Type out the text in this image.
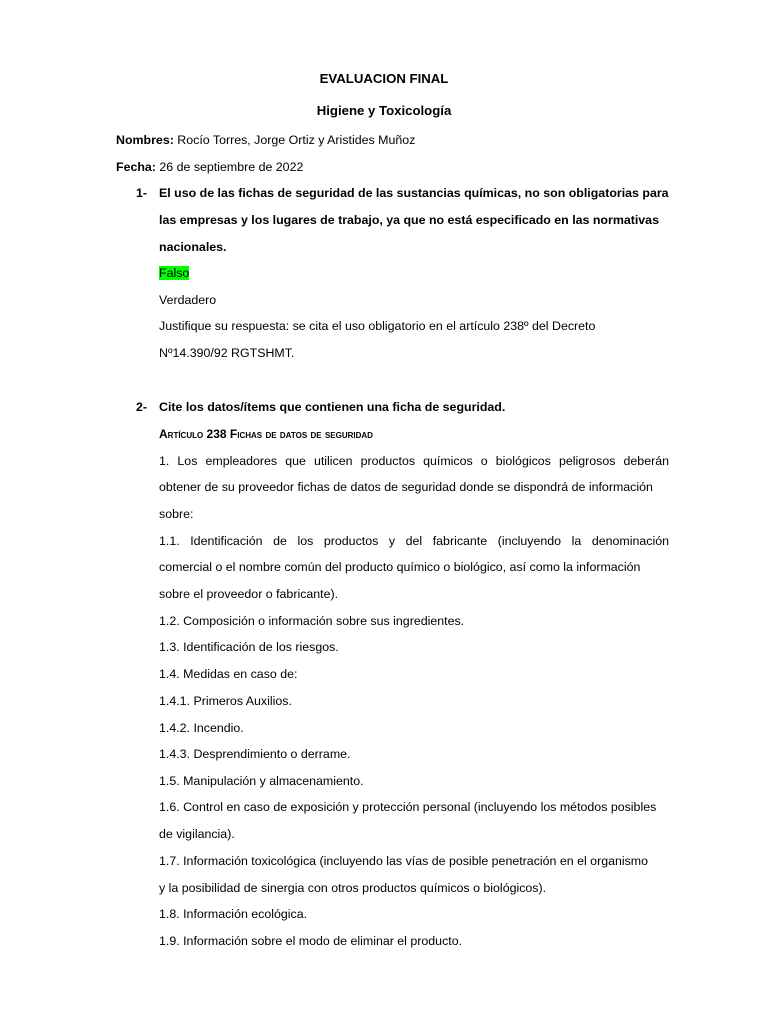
EVALUACION FINAL
Higiene y Toxicología
Nombres: Rocío Torres, Jorge Ortiz y Aristides Muñoz
Fecha: 26 de septiembre de 2022
1- El uso de las fichas de seguridad de las sustancias químicas, no son obligatorias para
las empresas y los lugares de trabajo, ya que no está especificado en las normativas
nacionales.
Falso
Verdadero
Justifique su respuesta: se cita el uso obligatorio en el artículo 238º del Decreto
Nº14.390/92 RGTSHMT.
2- Cite los datos/ítems que contienen una ficha de seguridad.
Artículo 238 Fichas de datos de seguridad
1. Los empleadores que utilicen productos químicos o biológicos peligrosos deberán
obtener de su proveedor fichas de datos de seguridad donde se dispondrá de información
sobre:
1.1. Identificación de los productos y del fabricante (incluyendo la denominación
comercial o el nombre común del producto químico o biológico, así como la información
sobre el proveedor o fabricante).
1.2. Composición o información sobre sus ingredientes.
1.3. Identificación de los riesgos.
1.4. Medidas en caso de:
1.4.1. Primeros Auxilios.
1.4.2. Incendio.
1.4.3. Desprendimiento o derrame.
1.5. Manipulación y almacenamiento.
1.6. Control en caso de exposición y protección personal (incluyendo los métodos posibles
de vigilancia).
1.7. Información toxicológica (incluyendo las vías de posible penetración en el organismo
y la posibilidad de sinergia con otros productos químicos o biológicos).
1.8. Información ecológica.
1.9. Información sobre el modo de eliminar el producto.
